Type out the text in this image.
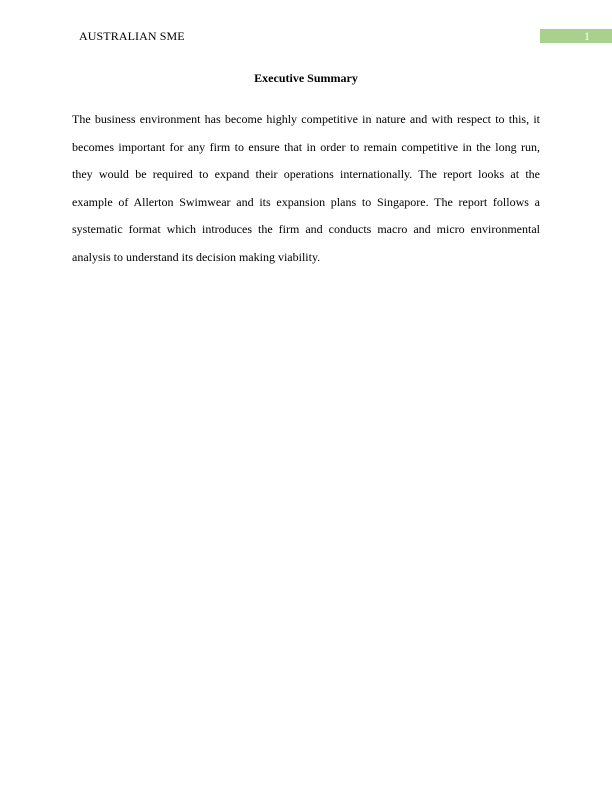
AUSTRALIAN SME	1
Executive Summary

The business environment has become highly competitive in nature and with respect to this, it becomes important for any firm to ensure that in order to remain competitive in the long run, they would be required to expand their operations internationally. The report looks at the example of Allerton Swimwear and its expansion plans to Singapore. The report follows a systematic format which introduces the firm and conducts macro and micro environmental analysis to understand its decision making viability.
